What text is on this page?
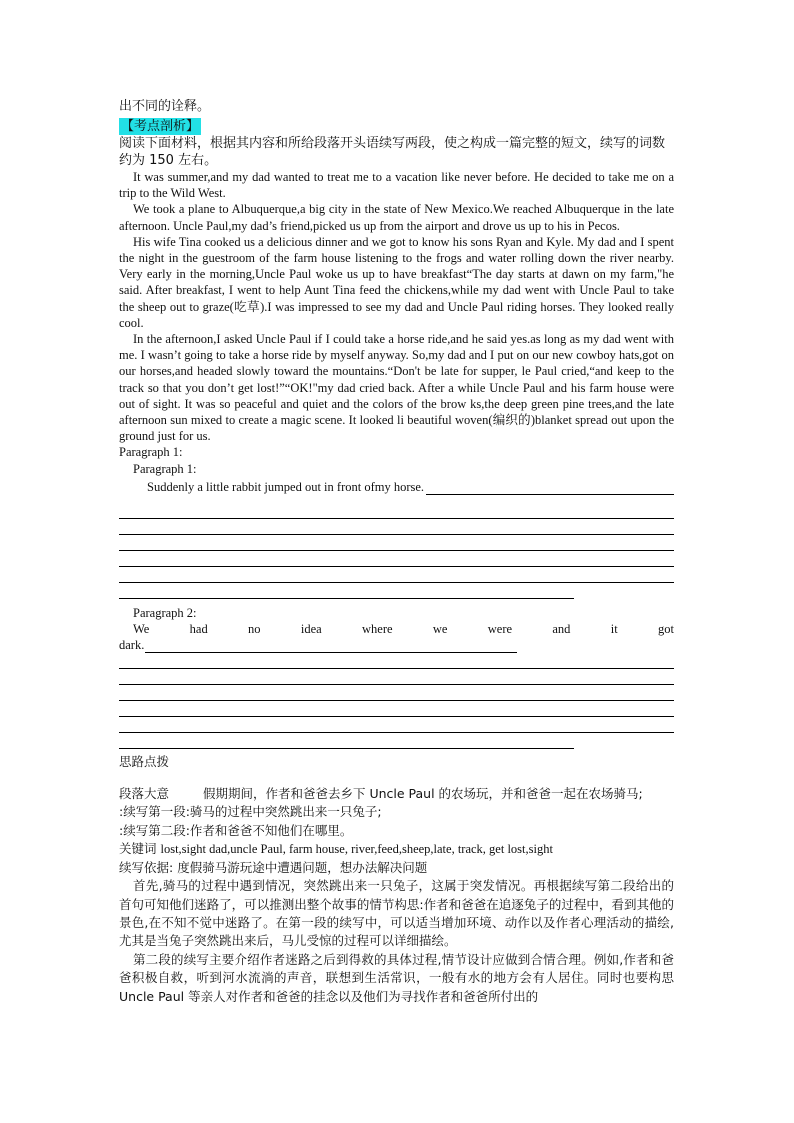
出不同的诠释。
【考点剖析】
阅读下面材料，根据其内容和所给段落开头语续写两段，使之构成一篇完整的短文，续写的词数约为 150 左右。
It was summer,and my dad wanted to treat me to a vacation like never before. He decided to take me on a trip to the Wild West.
We took a plane to Albuquerque,a big city in the state of New Mexico.We reached Albuquerque in the late afternoon. Uncle Paul,my dad’s friend,picked us up from the airport and drove us up to his in Pecos.
His wife Tina cooked us a delicious dinner and we got to know his sons Ryan and Kyle. My dad and I spent the night in the guestroom of the farm house listening to the frogs and water rolling down the river nearby. Very early in the morning,Uncle Paul woke us up to have breakfast“The day starts at dawn on my farm,"he said. After breakfast, I went to help Aunt Tina feed the chickens,while my dad went with Uncle Paul to take the sheep out to graze(吃草).I was impressed to see my dad and Uncle Paul riding horses. They looked really cool.
In the afternoon,I asked Uncle Paul if I could take a horse ride,and he said yes.as long as my dad went with me. I wasn’t going to take a horse ride by myself anyway. So,my dad and I put on our new cowboy hats,got on our horses,and headed slowly toward the mountains.“Don't be late for supper, le Paul cried,“and keep to the track so that you don’t get lost!”“OK!"my dad cried back. After a while Uncle Paul and his farm house were out of sight. It was so peaceful and quiet and the colors of the brow ks,the deep green pine trees,and the late afternoon sun mixed to create a magic scene. It looked li beautiful woven(编织的)blanket spread out upon the ground just for us.
Paragraph 1:
Paragraph 1:
Suddenly a little rabbit jumped out in front ofmy horse.
Paragraph 2:
We	had	no	idea	where	we	were	and	it	got
dark.
思路点拨
段落大意	假期期间，作者和爸爸去乡下 Uncle Paul 的农场玩，并和爸爸一起在农场骑马;
:续写第一段:骑马的过程中突然跳出来一只兔子;
:续写第二段:作者和爸爸不知他们在哪里。
关键词 lost,sight dad,uncle Paul, farm house, river,feed,sheep,late, track, get lost,sight
续写依据: 度假骑马游玩途中遭遇问题，想办法解决问题
首先,骑马的过程中遇到情况，突然跳出来一只兔子，这属于突发情况。再根据续写第二段给出的首句可知他们迷路了，可以推测出整个故事的情节构思:作者和爸爸在追逐兔子的过程中，看到其他的景色,在不知不觉中迷路了。在第一段的续写中，可以适当增加环境、动作以及作者心理活动的描绘,尤其是当兔子突然跳出来后，马儿受惊的过程可以详细描绘。
第二段的续写主要介绍作者迷路之后到得救的具体过程,情节设计应做到合情合理。例如,作者和爸爸积极自救，听到河水流淌的声音，联想到生活常识，一般有水的地方会有人居住。同时也要构思 Uncle Paul 等亲人对作者和爸爸的挂念以及他们为寻找作者和爸爸所付出的
